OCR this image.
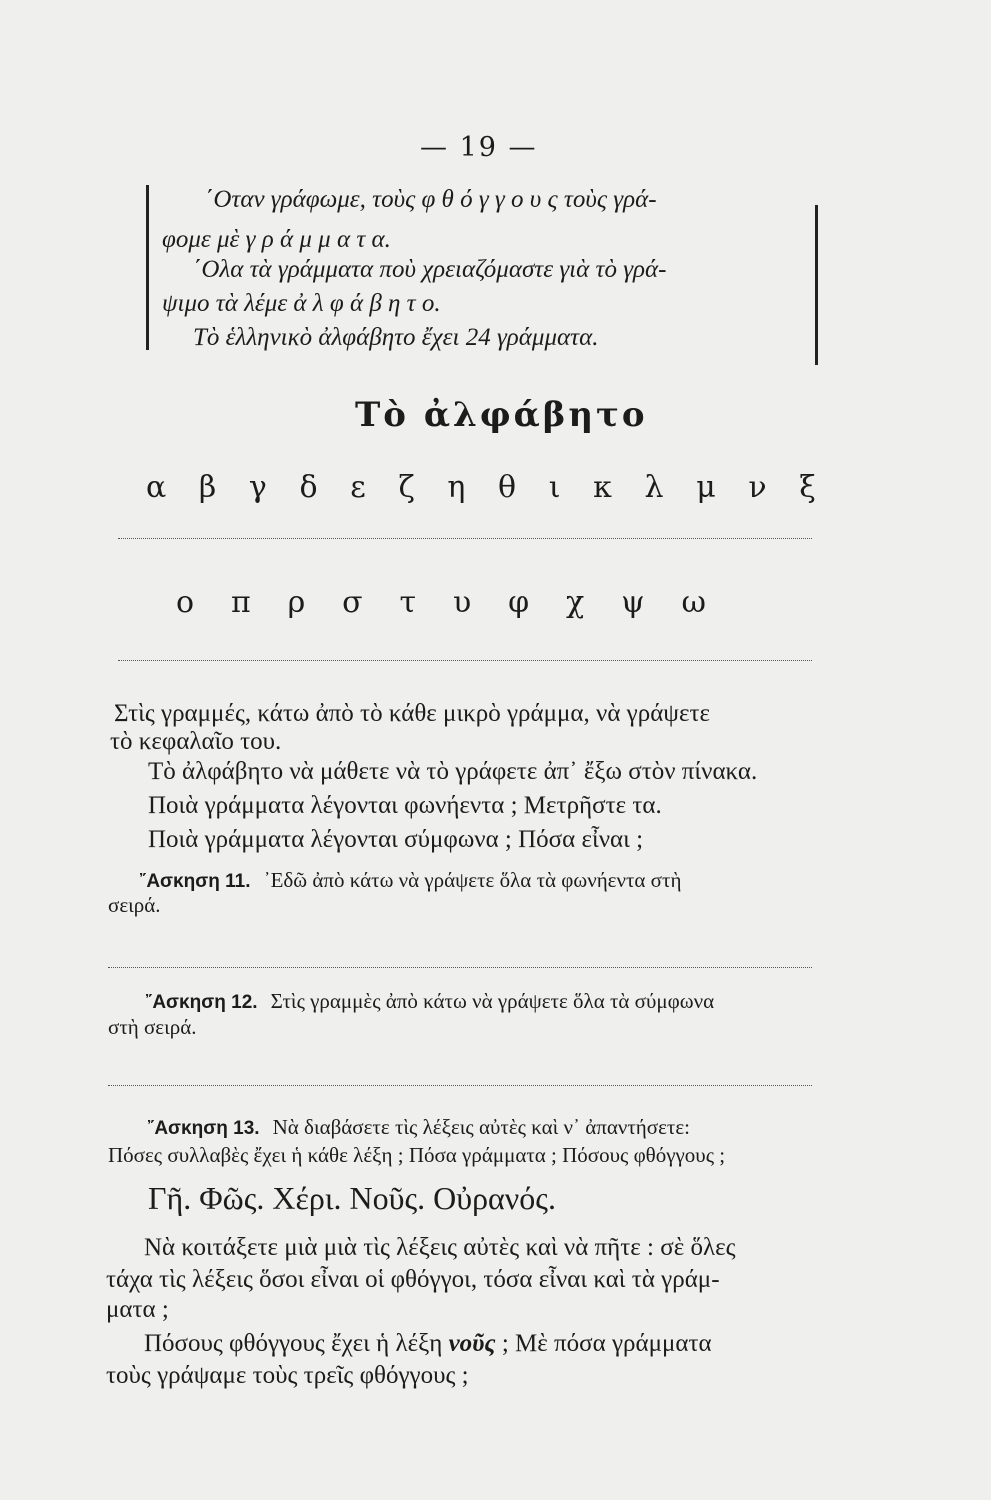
— 19 —
΄Οταν γράφωμε, τοὺς φ θ ό γ γ ο υ ς τοὺς γρά-
φομε μὲ γ ρ ά μ μ α τ α.
΄Ολα τὰ γράμματα ποὺ χρειαζόμαστε γιὰ τὸ γρά-
ψιμο τὰ λέμε ἀ λ φ ά β η τ ο.
Τὸ ἑλληνικὸ ἀλφάβητο ἔχει 24 γράμματα.
Τὸ ἀλφάβητο
α β γ δ ε ζ η θ ι κ λ μ ν ξ
ο π ρ σ τ υ φ χ ψ ω
Στὶς γραμμές, κάτω ἀπὸ τὸ κάθε μικρὸ γράμμα, νὰ γράψετε
τὸ κεφαλαῖο του.
Τὸ ἀλφάβητο νὰ μάθετε νὰ τὸ γράφετε ἀπ᾽ ἔξω στὸν πίνακα.
Ποιὰ γράμματα λέγονται φωνήεντα ; Μετρῆστε τα.
Ποιὰ γράμματα λέγονται σύμφωνα ; Πόσα εἶναι ;
῎Ασκηση 11. ᾿Εδῶ ἀπὸ κάτω νὰ γράψετε ὅλα τὰ φωνήεντα στὴ
σειρά.
῎Ασκηση 12. Στὶς γραμμὲς ἀπὸ κάτω νὰ γράψετε ὅλα τὰ σύμφωνα
στὴ σειρά.
῎Ασκηση 13. Νὰ διαβάσετε τὶς λέξεις αὐτὲς καὶ ν᾽ ἀπαντήσετε:
Πόσες συλλαβὲς ἔχει ἡ κάθε λέξη ; Πόσα γράμματα ; Πόσους φθόγγους ;
Γῆ. Φῶς. Χέρι. Νοῦς. Οὐρανός.
Νὰ κοιτάξετε μιὰ μιὰ τὶς λέξεις αὐτὲς καὶ νὰ πῆτε : σὲ ὅλες
τάχα τὶς λέξεις ὅσοι εἶναι οἱ φθόγγοι, τόσα εἶναι καὶ τὰ γράμ-
ματα ;
Πόσους φθόγγους ἔχει ἡ λέξη νοῦς ; Μὲ πόσα γράμματα
τοὺς γράψαμε τοὺς τρεῖς φθόγγους ;
